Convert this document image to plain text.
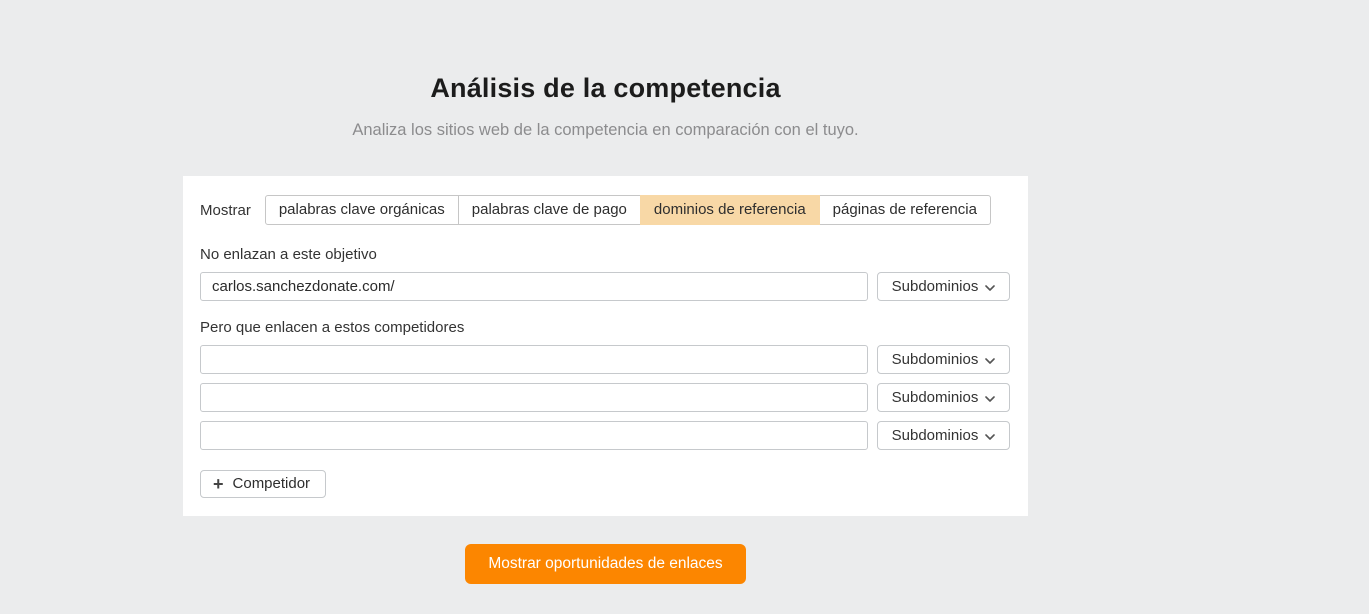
Análisis de la competencia
Analiza los sitios web de la competencia en comparación con el tuyo.
Mostrar	palabras clave orgánicas	palabras clave de pago	dominios de referencia	páginas de referencia
No enlazan a este objetivo
carlos.sanchezdonate.com/
Subdominios
Pero que enlacen a estos competidores
Subdominios
Subdominios
Subdominios
+ Competidor
Mostrar oportunidades de enlaces
